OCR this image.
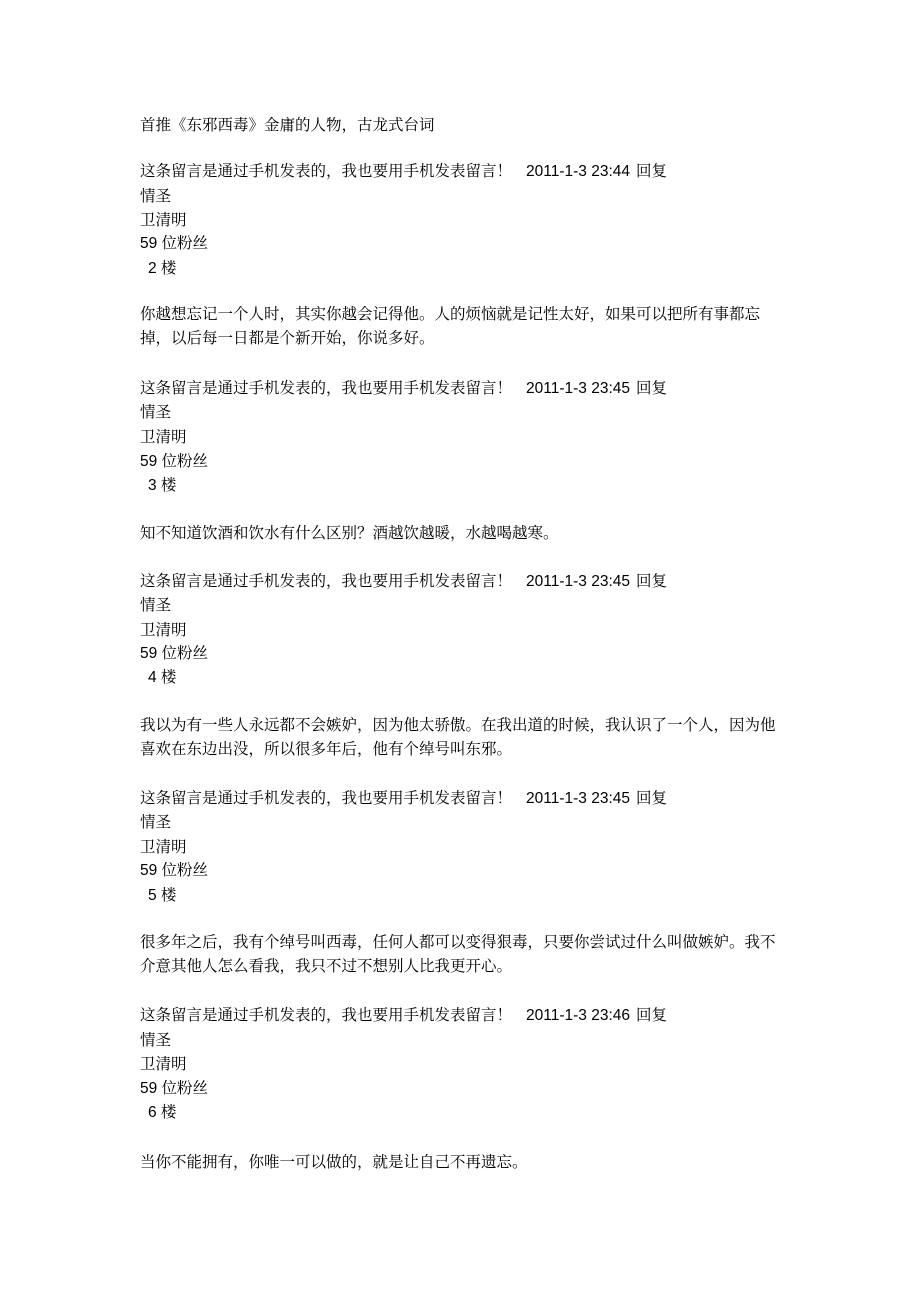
首推《东邪西毒》金庸的人物，古龙式台词
这条留言是通过手机发表的，我也要用手机发表留言！ 2011-1-3 23:44 回复
情圣
卫清明
59 位粉丝
2 楼
你越想忘记一个人时，其实你越会记得他。人的烦恼就是记性太好，如果可以把所有事都忘掉，以后每一日都是个新开始，你说多好。
这条留言是通过手机发表的，我也要用手机发表留言！ 2011-1-3 23:45 回复
情圣
卫清明
59 位粉丝
3 楼
知不知道饮酒和饮水有什么区别？酒越饮越暖，水越喝越寒。
这条留言是通过手机发表的，我也要用手机发表留言！ 2011-1-3 23:45 回复
情圣
卫清明
59 位粉丝
4 楼
我以为有一些人永远都不会嫉妒，因为他太骄傲。在我出道的时候，我认识了一个人，因为他喜欢在东边出没，所以很多年后，他有个绰号叫东邪。
这条留言是通过手机发表的，我也要用手机发表留言！ 2011-1-3 23:45 回复
情圣
卫清明
59 位粉丝
5 楼
很多年之后，我有个绰号叫西毒，任何人都可以变得狠毒，只要你尝试过什么叫做嫉妒。我不介意其他人怎么看我，我只不过不想别人比我更开心。
这条留言是通过手机发表的，我也要用手机发表留言！ 2011-1-3 23:46 回复
情圣
卫清明
59 位粉丝
6 楼
当你不能拥有，你唯一可以做的，就是让自己不再遗忘。
